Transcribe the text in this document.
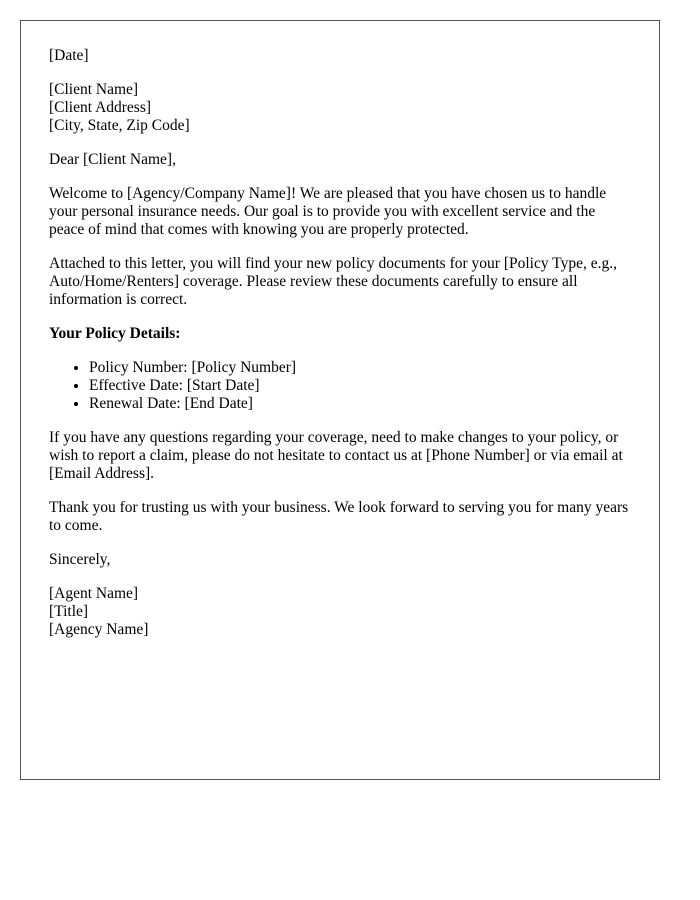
[Date]
[Client Name]
[Client Address]
[City, State, Zip Code]

Dear [Client Name],

Welcome to [Agency/Company Name]! We are pleased that you have chosen us to handle your personal insurance needs. Our goal is to provide you with excellent service and the peace of mind that comes with knowing you are properly protected.

Attached to this letter, you will find your new policy documents for your [Policy Type, e.g., Auto/Home/Renters] coverage. Please review these documents carefully to ensure all information is correct.

Your Policy Details:
• Policy Number: [Policy Number]
• Effective Date: [Start Date]
• Renewal Date: [End Date]

If you have any questions regarding your coverage, need to make changes to your policy, or wish to report a claim, please do not hesitate to contact us at [Phone Number] or via email at [Email Address].

Thank you for trusting us with your business. We look forward to serving you for many years to come.

Sincerely,

[Agent Name]
[Title]
[Agency Name]
